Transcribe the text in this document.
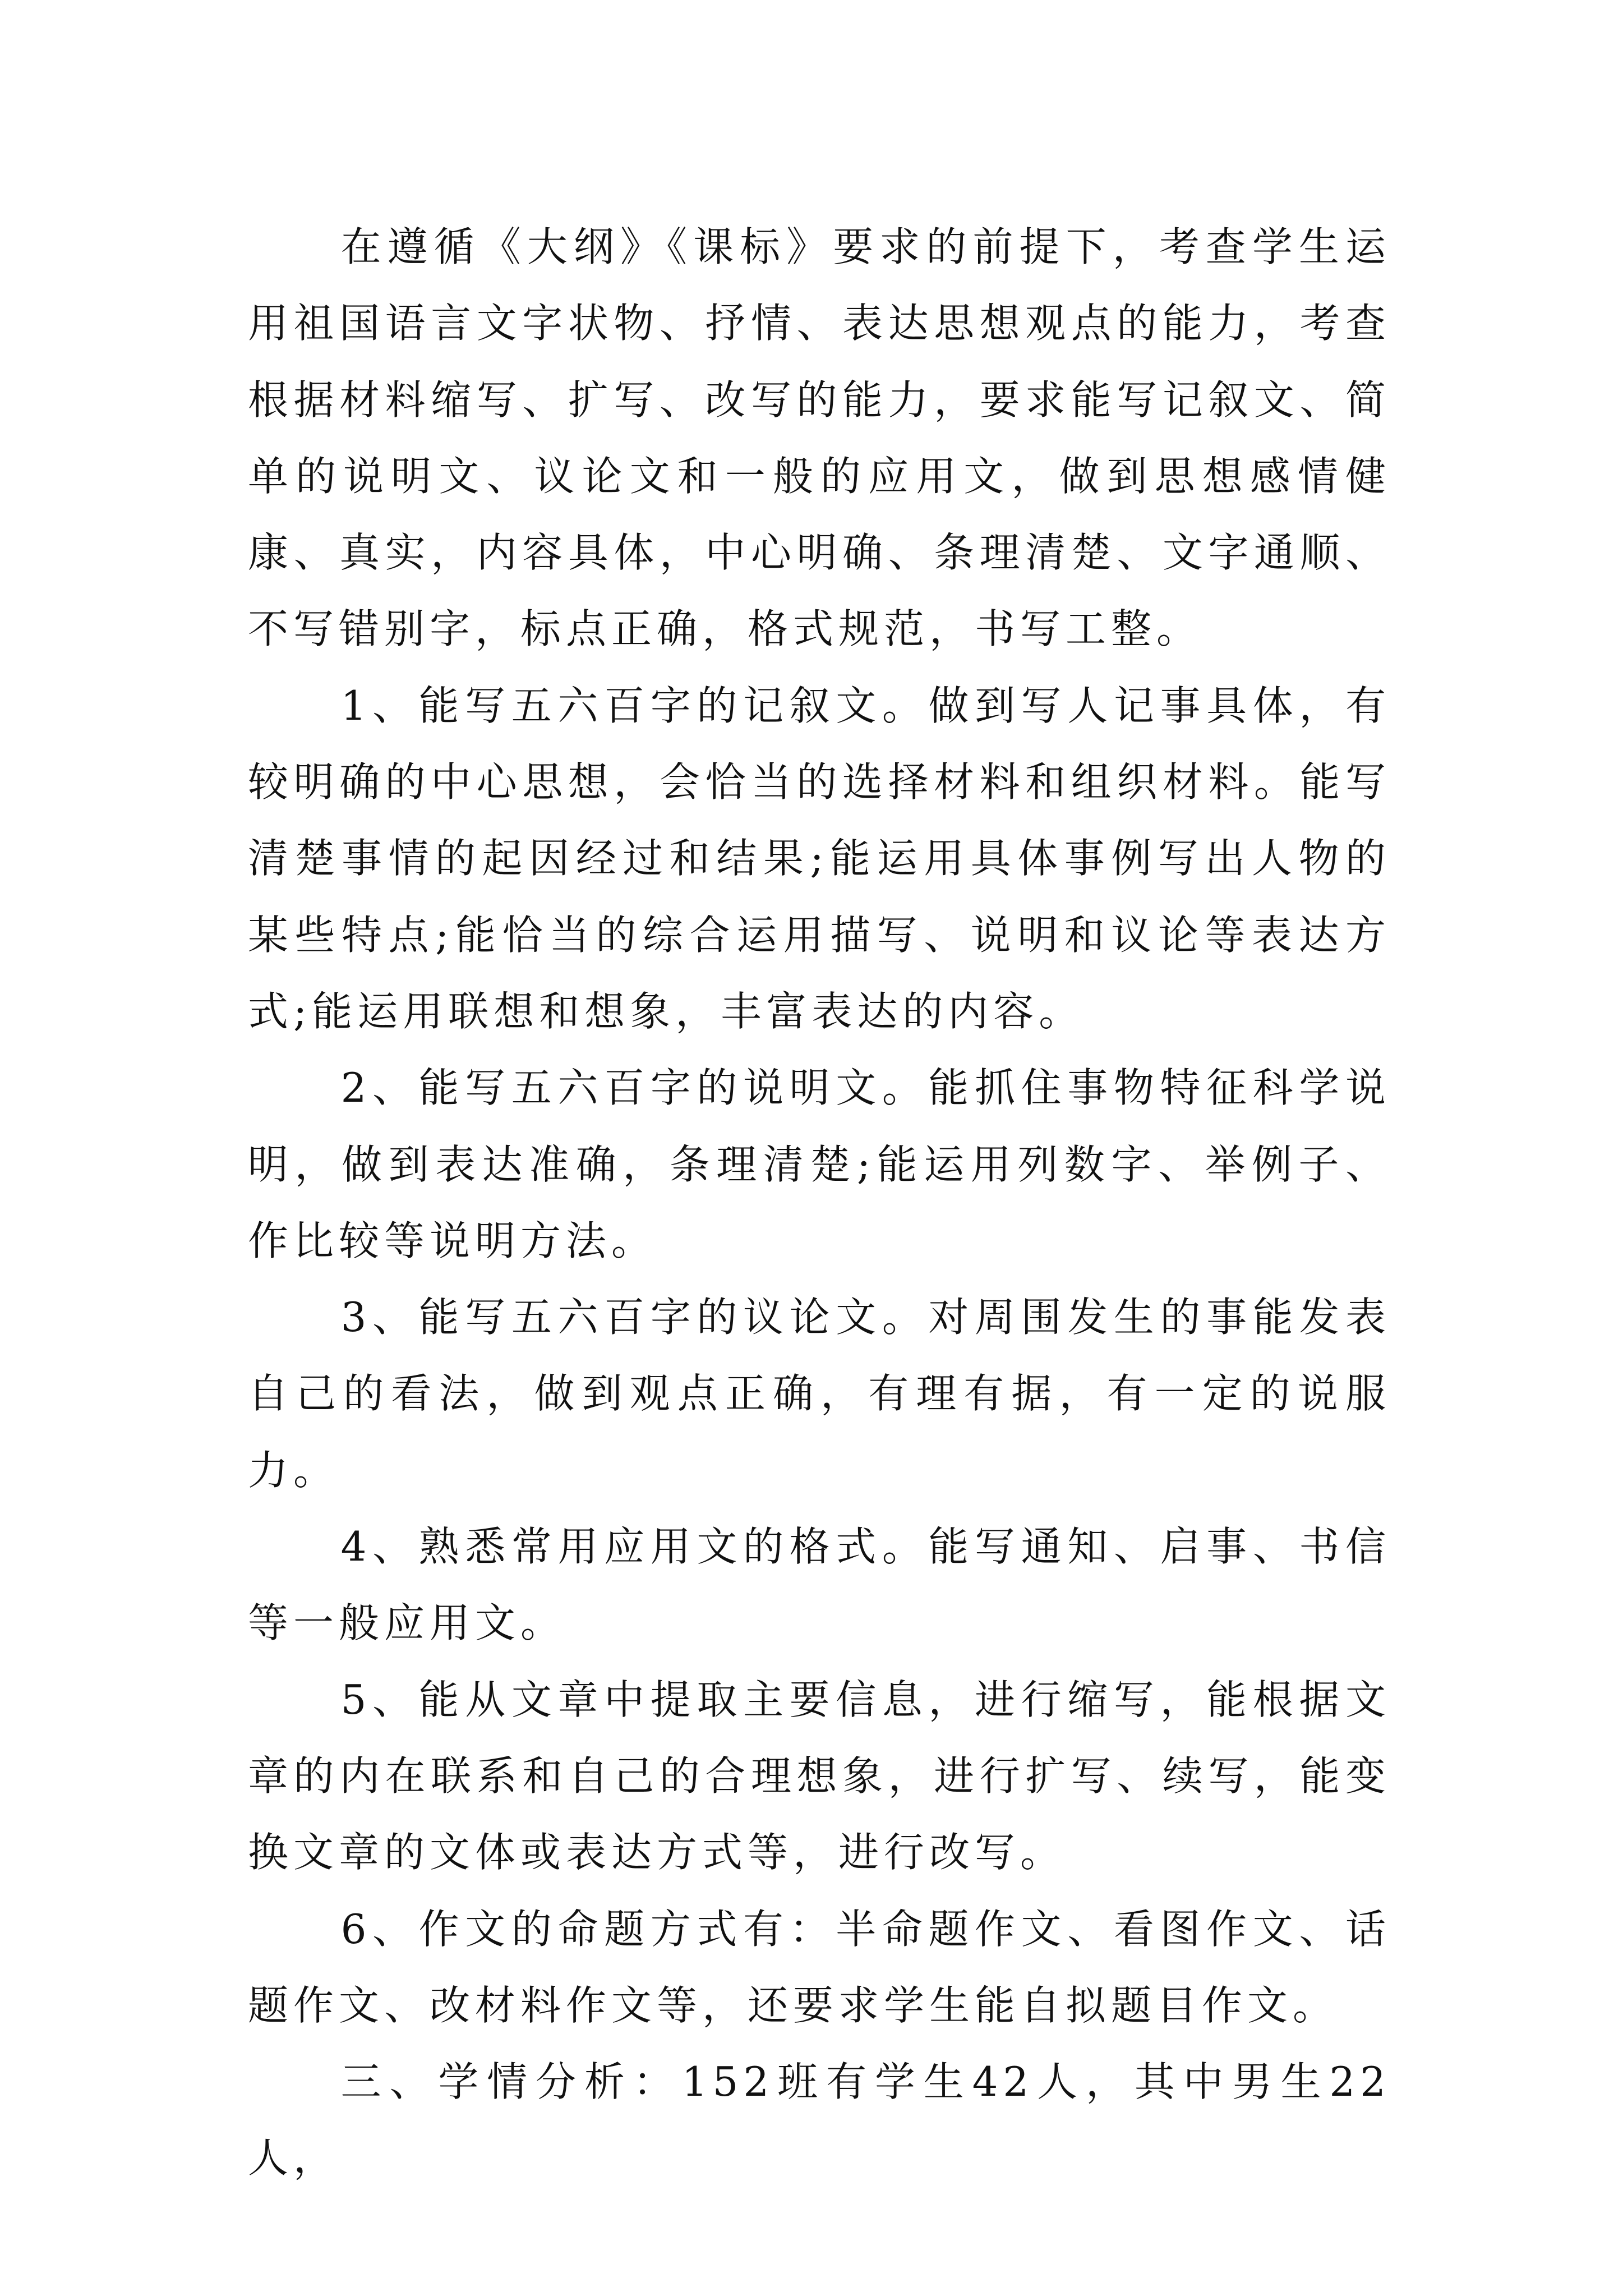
在遵循《大纲》《课标》要求的前提下，考查学生运用祖国语言文字状物、抒情、表达思想观点的能力，考查根据材料缩写、扩写、改写的能力，要求能写记叙文、简单的说明文、议论文和一般的应用文，做到思想感情健康、真实，内容具体，中心明确、条理清楚、文字通顺、不写错别字，标点正确，格式规范，书写工整。

1、能写五六百字的记叙文。做到写人记事具体，有较明确的中心思想，会恰当的选择材料和组织材料。能写清楚事情的起因经过和结果;能运用具体事例写出人物的某些特点;能恰当的综合运用描写、说明和议论等表达方式;能运用联想和想象，丰富表达的内容。

2、能写五六百字的说明文。能抓住事物特征科学说明，做到表达准确，条理清楚;能运用列数字、举例子、作比较等说明方法。

3、能写五六百字的议论文。对周围发生的事能发表自己的看法，做到观点正确，有理有据，有一定的说服力。

4、熟悉常用应用文的格式。能写通知、启事、书信等一般应用文。

5、能从文章中提取主要信息，进行缩写，能根据文章的内在联系和自己的合理想象，进行扩写、续写，能变换文章的文体或表达方式等，进行改写。

6、作文的命题方式有：半命题作文、看图作文、话题作文、改材料作文等，还要求学生能自拟题目作文。

三、学情分析：152班有学生42人，其中男生22人，
